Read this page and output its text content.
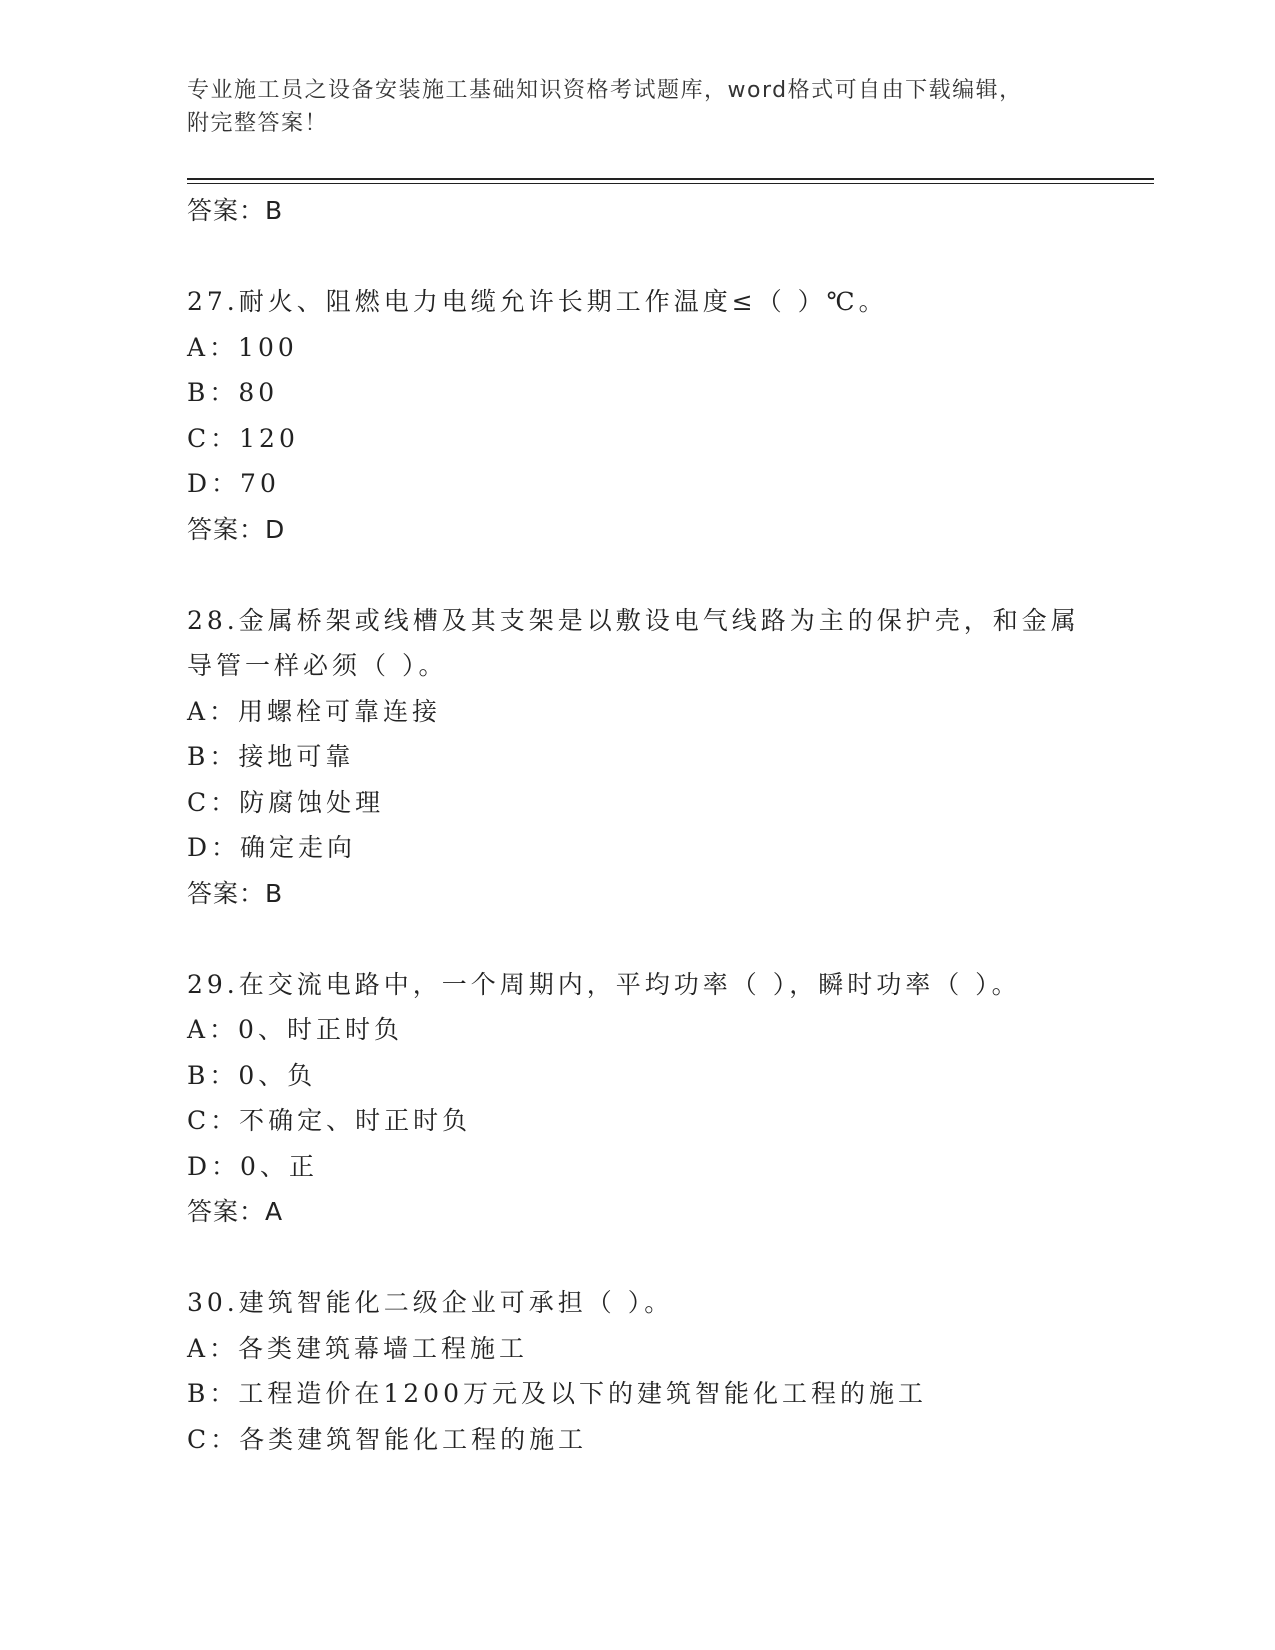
专业施工员之设备安装施工基础知识资格考试题库，word格式可自由下载编辑，
附完整答案！
答案：B
27.耐火、阻燃电力电缆允许长期工作温度≤（ ）℃。
A：100
B：80
C：120
D：70
答案：D
28.金属桥架或线槽及其支架是以敷设电气线路为主的保护壳，和金属
导管一样必须（ ）。
A：用螺栓可靠连接
B：接地可靠
C：防腐蚀处理
D：确定走向
答案：B
29.在交流电路中，一个周期内，平均功率（ ），瞬时功率（ ）。
A：0、时正时负
B：0、负
C：不确定、时正时负
D：0、正
答案：A
30.建筑智能化二级企业可承担（ ）。
A：各类建筑幕墙工程施工
B：工程造价在1200万元及以下的建筑智能化工程的施工
C：各类建筑智能化工程的施工
